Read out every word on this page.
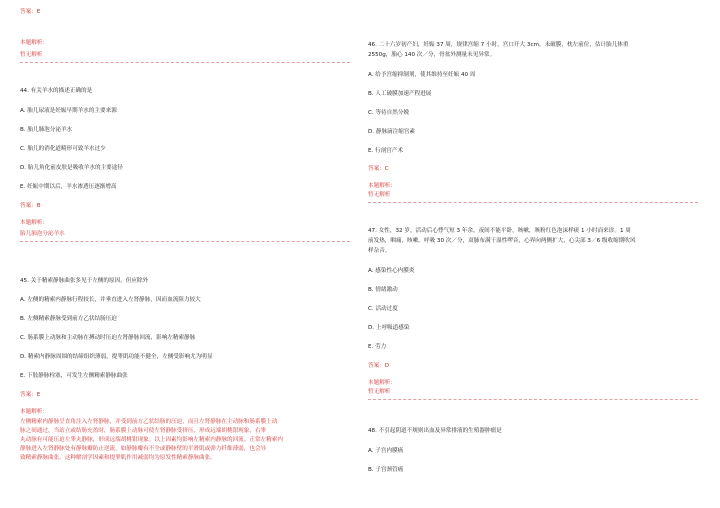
答案：E
本题解析：
暂无解析
44. 有关羊水的描述正确的是
A. 胎儿尿液是妊娠早期羊水的主要来源
B. 胎儿肺泡分泌羊水
C. 胎儿的消化道畸形可致羊水过少
D. 胎儿角化前皮肤是吸收羊水的主要途径
E. 妊娠中期以后，羊水渗透压逐渐增高
答案：B
本题解析：
胎儿肺泡分泌羊水
45. 关于精索静脉曲张多见于左侧的原因，但应除外
A. 左侧的精索内静脉行程较长，并垂直进入左肾静脉，因而血流阻力较大
B. 左侧精索静脉受到前方乙状结肠压迫
C. 肠系膜上动脉和主动脉在搏动时压迫左肾静脉回流，影响左精索静脉
D. 精索内静脉周围的结缔组织薄弱，提睾肌功能不健全，左侧受影响尤为明显
E. 下肢静脉栓塞，可发生左侧精索静脉曲张
答案：E
本题解析：
左侧精索内静脉呈直角注入左肾静脉，并受到前方乙状结肠的压迫，而且左肾静脉在主动脉和肠系膜上动
脉之间通过，当站立或结肠充盈时，肠系膜上动脉可使左肾静脉受挤压，形成远端胡桃钳现象，右睾
丸动脉有可能压迫左睾丸静脉，形成远端胡桃钳现象。以上因素均影响左精索内静脉的回流。正常左精索内
静脉进入左肾静脉处有静脉瓣防止逆流，如静脉瓣有不全或静脉壁的平滑肌或弹力纤维薄弱，也会导
致精索静脉曲张。这种解剖学因素和提睾肌作用减弱均为原发性精索静脉曲张。
46. 二十六岁初产妇，妊娠 37 周，规律宫缩 7 小时，宫口开大 3cm，未破膜，枕左前位，估计胎儿体重
2550g，胎心 140 次／分，骨盆外测量未见异常。
A. 给予宫缩抑制剂，使其维持至妊娠 40 周
B. 人工破膜加速产程进展
C. 等待自然分娩
D. 静脉滴注缩宫素
E. 行剖宫产术
答案：C
本题解析：
暂无解析
47. 女性，32 岁，活动后心悸气短 3 年余，夜间不能平卧，咳嗽，咳粉红色泡沫样痰 1 小时而来诊。1 周
前发热，咽痛，咳嗽。呼吸 30 次／分，双肺布满干湿性啰音，心界向两侧扩大，心尖部 3／6 级收缩期吹风
样杂音。
A. 感染性心内膜炎
B. 情绪激动
C. 活动过度
D. 上呼吸道感染
E. 劳力
答案：D
本题解析：
暂无解析
48. 不引起阴道不规则出血及异常排液的生殖器肿瘤是
A. 子宫内膜癌
B. 子宫颈管癌
